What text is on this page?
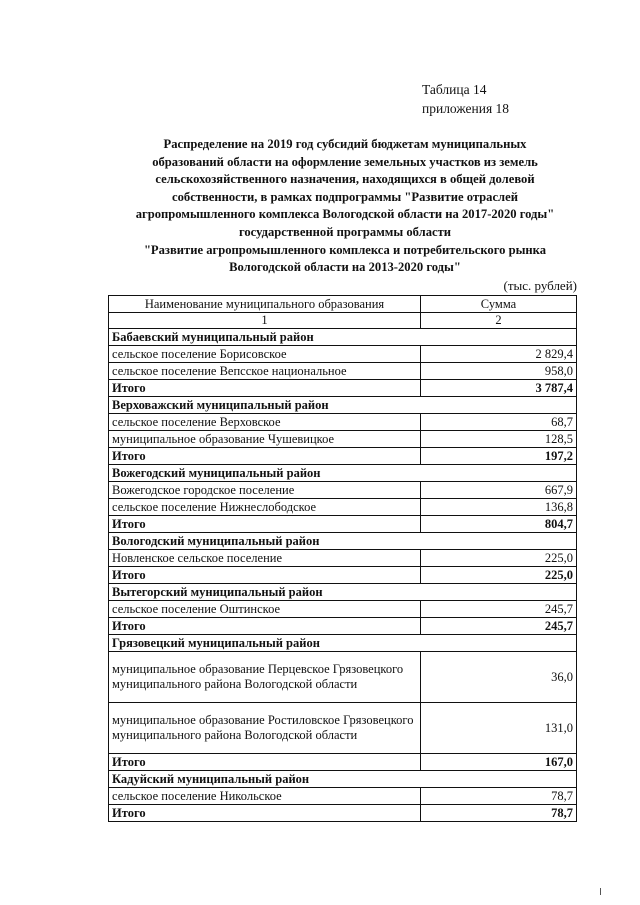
Таблица 14
приложения 18
Распределение на 2019 год субсидий бюджетам муниципальных
образований области на оформление земельных участков из земель
сельскохозяйственного назначения, находящихся в общей долевой
собственности, в рамках подпрограммы "Развитие отраслей
агропромышленного комплекса Вологодской области на 2017-2020 годы"
государственной программы области
"Развитие агропромышленного комплекса и потребительского рынка
Вологодской области на 2013-2020 годы"
(тыс. рублей)
Наименование муниципального образования	Сумма
1	2
Бабаевский муниципальный район	
сельское поселение Борисовское	2 829,4
сельское поселение Вепсское национальное	958,0
Итого	3 787,4
Верховажский муниципальный район	
сельское поселение Верховское	68,7
муниципальное образование Чушевицкое	128,5
Итого	197,2
Вожегодский муниципальный район	
Вожегодское городское поселение	667,9
сельское поселение Нижнеслободское	136,8
Итого	804,7
Вологодский муниципальный район	
Новленское сельское поселение	225,0
Итого	225,0
Вытегорский муниципальный район	
сельское поселение Оштинское	245,7
Итого	245,7
Грязовецкий муниципальный район	
муниципальное образование Перцевское Грязовецкого муниципального района Вологодской области	36,0
муниципальное образование Ростиловское Грязовецкого муниципального района Вологодской области	131,0
Итого	167,0
Кадуйский муниципальный район	
сельское поселение Никольское	78,7
Итого	78,7
